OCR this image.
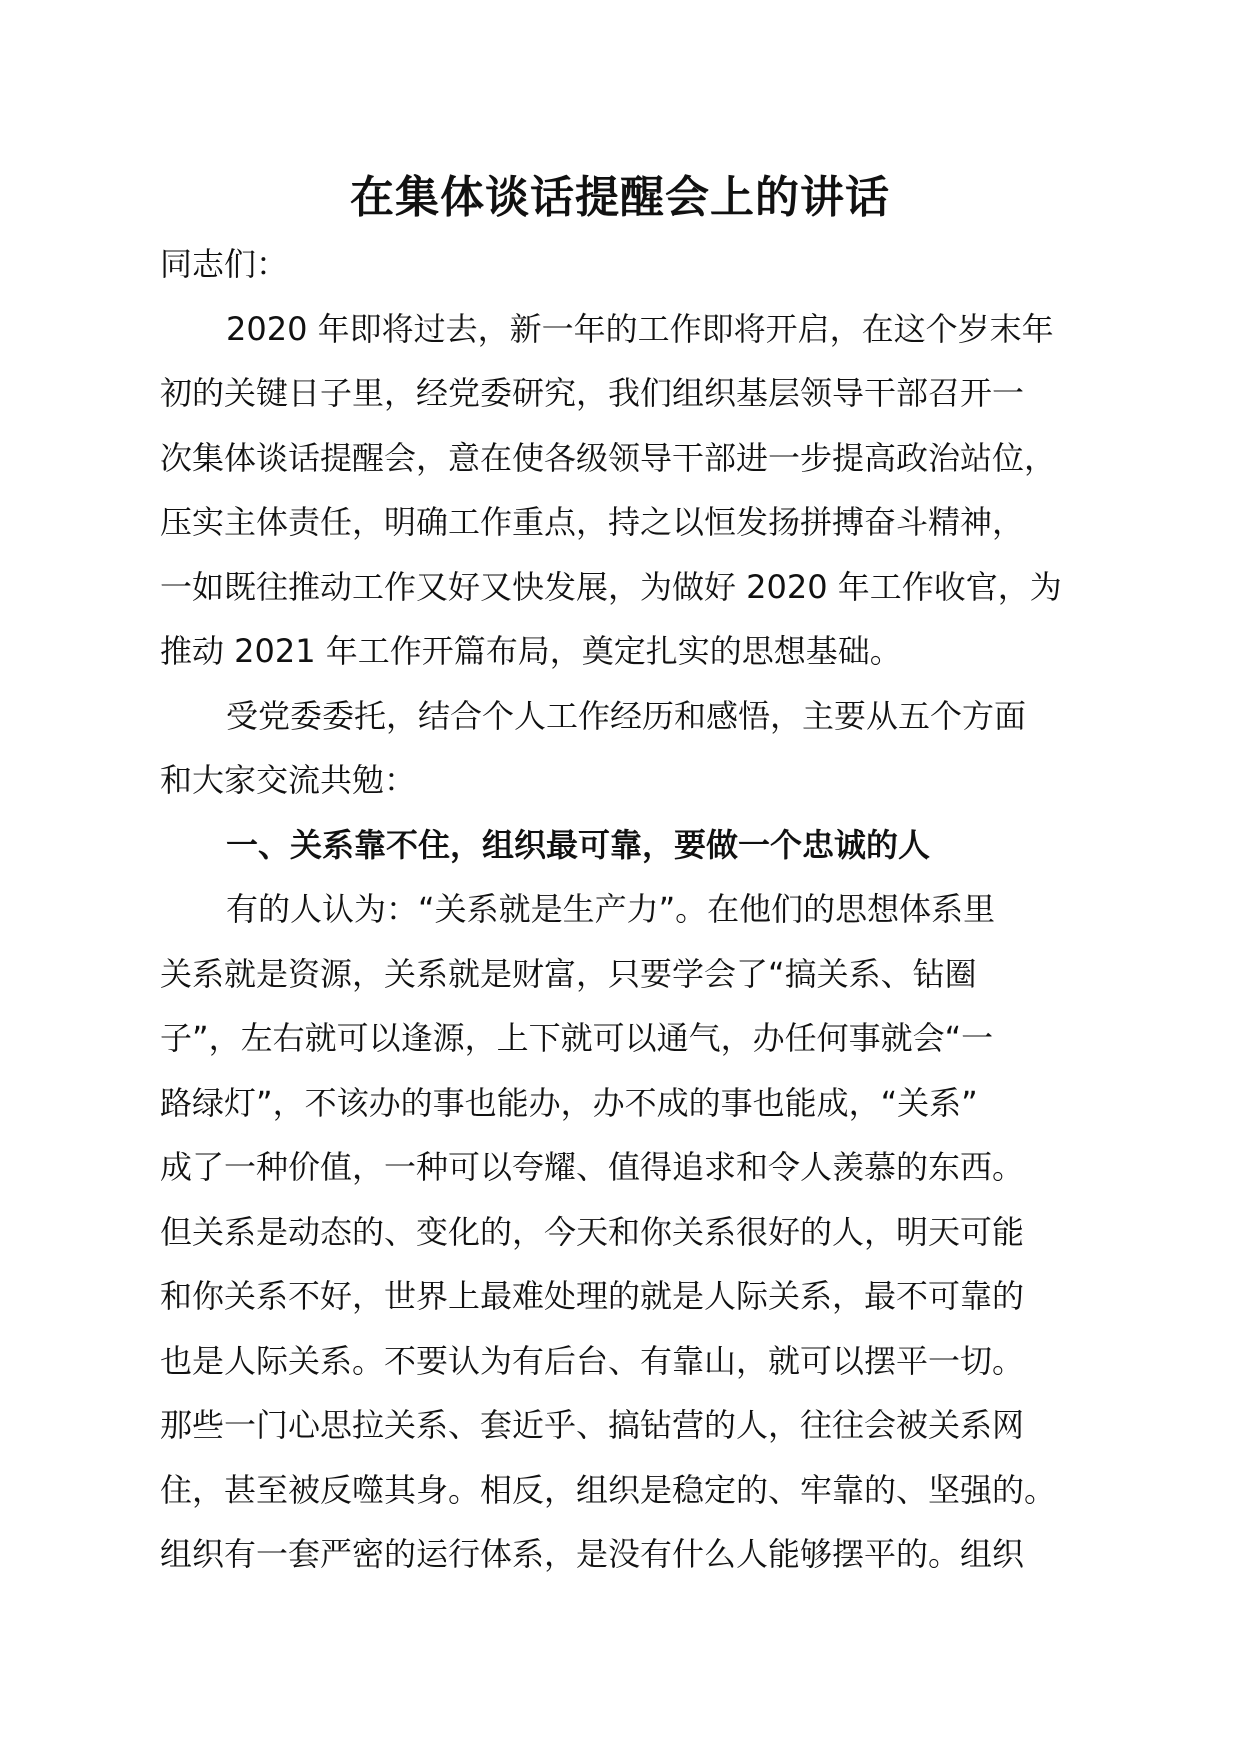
在集体谈话提醒会上的讲话
同志们：
2020 年即将过去，新一年的工作即将开启，在这个岁末年
初的关键日子里，经党委研究，我们组织基层领导干部召开一
次集体谈话提醒会，意在使各级领导干部进一步提高政治站位，
压实主体责任，明确工作重点，持之以恒发扬拼搏奋斗精神，
一如既往推动工作又好又快发展，为做好 2020 年工作收官，为
推动 2021 年工作开篇布局，奠定扎实的思想基础。
受党委委托，结合个人工作经历和感悟，主要从五个方面
和大家交流共勉：
一、关系靠不住，组织最可靠，要做一个忠诚的人
有的人认为：“关系就是生产力”。在他们的思想体系里
关系就是资源，关系就是财富，只要学会了“搞关系、钻圈
子”，左右就可以逢源，上下就可以通气，办任何事就会“一
路绿灯”，不该办的事也能办，办不成的事也能成，“关系”
成了一种价值，一种可以夸耀、值得追求和令人羡慕的东西。
但关系是动态的、变化的，今天和你关系很好的人，明天可能
和你关系不好，世界上最难处理的就是人际关系，最不可靠的
也是人际关系。不要认为有后台、有靠山，就可以摆平一切。
那些一门心思拉关系、套近乎、搞钻营的人，往往会被关系网
住，甚至被反噬其身。相反，组织是稳定的、牢靠的、坚强的。
组织有一套严密的运行体系，是没有什么人能够摆平的。组织
